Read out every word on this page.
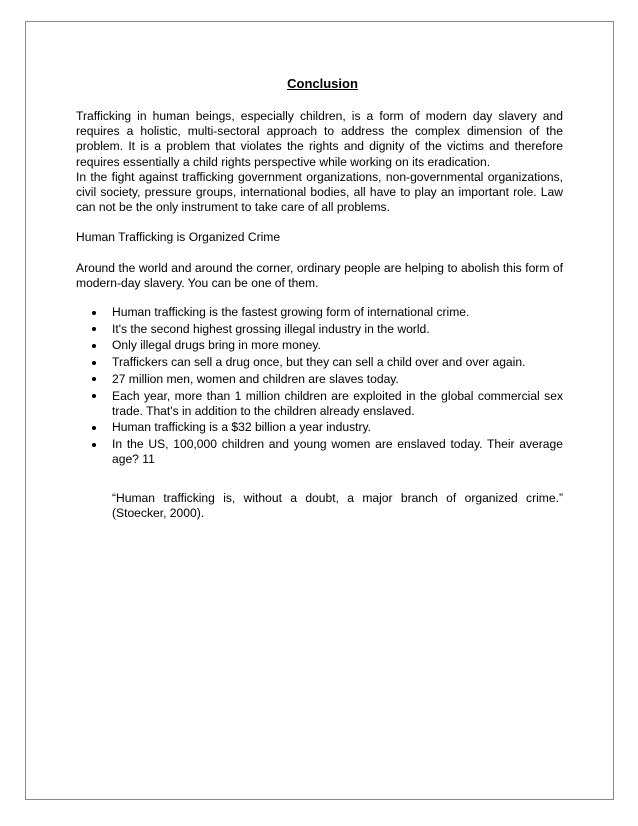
Conclusion

Trafficking in human beings, especially children, is a form of modern day slavery and requires a holistic, multi-sectoral approach to address the complex dimension of the problem. It is a problem that violates the rights and dignity of the victims and therefore requires essentially a child rights perspective while working on its eradication.

In the fight against trafficking government organizations, non-governmental organizations, civil society, pressure groups, international bodies, all have to play an important role. Law can not be the only instrument to take care of all problems.

Human Trafficking is Organized Crime

Around the world and around the corner, ordinary people are helping to abolish this form of modern-day slavery. You can be one of them.

Human trafficking is the fastest growing form of international crime.
It's the second highest grossing illegal industry in the world.
Only illegal drugs bring in more money.
Traffickers can sell a drug once, but they can sell a child over and over again.
27 million men, women and children are slaves today.
Each year, more than 1 million children are exploited in the global commercial sex trade. That's in addition to the children already enslaved.
Human trafficking is a $32 billion a year industry.
In the US, 100,000 children and young women are enslaved today. Their average age? 11

“Human trafficking is, without a doubt, a major branch of organized crime.” (Stoecker, 2000).
